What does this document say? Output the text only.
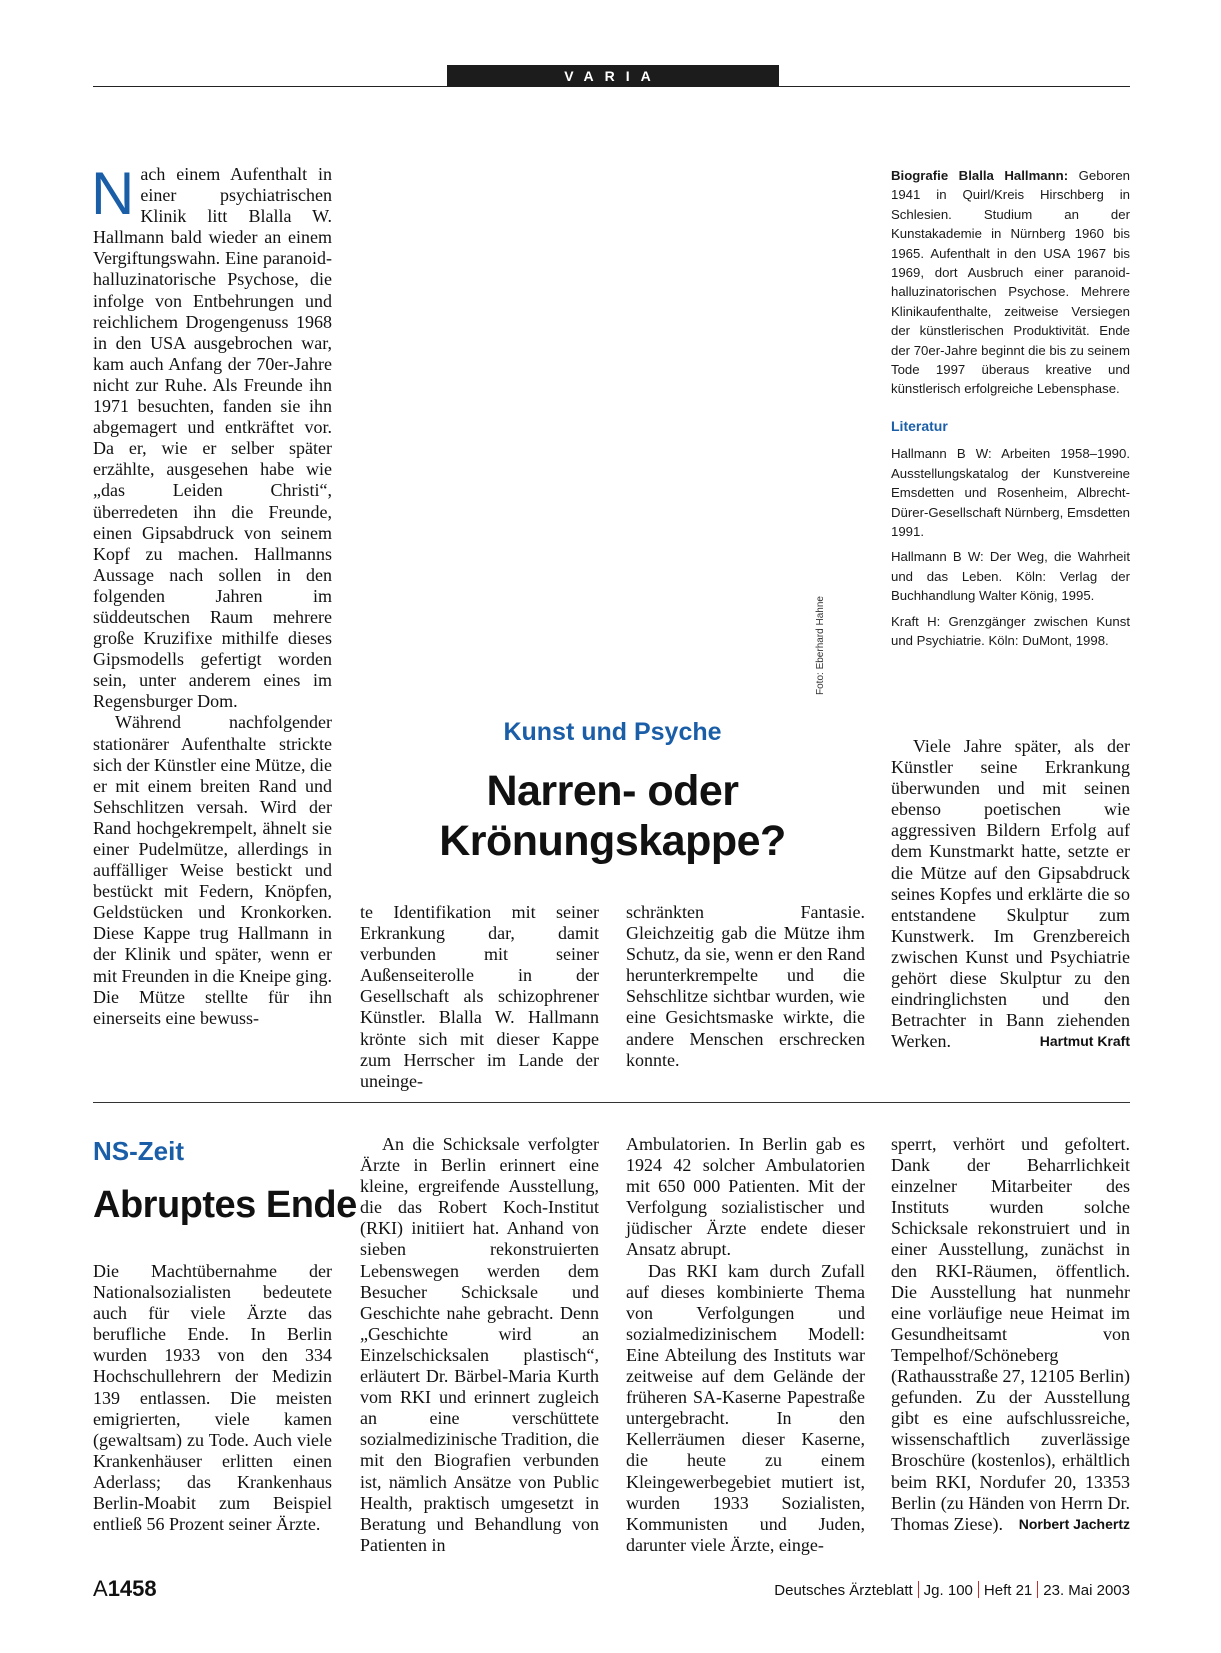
VARIA

Nach einem Aufenthalt in einer psychiatrischen Klinik litt Blalla W. Hallmann bald wieder an einem Vergiftungswahn. Eine paranoid-halluzinatorische Psychose, die infolge von Entbehrungen und reichlichem Drogengenuss 1968 in den USA ausgebrochen war, kam auch Anfang der 70er-Jahre nicht zur Ruhe. Als Freunde ihn 1971 besuchten, fanden sie ihn abgemagert und entkräftet vor. Da er, wie er selber später erzählte, ausgesehen habe wie „das Leiden Christi“, überredeten ihn die Freunde, einen Gipsabdruck von seinem Kopf zu machen. Hallmanns Aussage nach sollen in den folgenden Jahren im süddeutschen Raum mehrere große Kruzifixe mithilfe dieses Gipsmodells gefertigt worden sein, unter anderem eines im Regensburger Dom.

Während nachfolgender stationärer Aufenthalte strickte sich der Künstler eine Mütze, die er mit einem breiten Rand und Sehschlitzen versah. Wird der Rand hochgekrempelt, ähnelt sie einer Pudelmütze, allerdings in auffälliger Weise bestickt und bestückt mit Federn, Knöpfen, Geldstücken und Kronkorken. Diese Kappe trug Hallmann in der Klinik und später, wenn er mit Freunden in die Kneipe ging. Die Mütze stellte für ihn einerseits eine bewuss-

Biografie Blalla Hallmann: Geboren 1941 in Quirl/Kreis Hirschberg in Schlesien. Studium an der Kunstakademie in Nürnberg 1960 bis 1965. Aufenthalt in den USA 1967 bis 1969, dort Ausbruch einer paranoid-halluzinatorischen Psychose. Mehrere Klinikaufenthalte, zeitweise Versiegen der künstlerischen Produktivität. Ende der 70er-Jahre beginnt die bis zu seinem Tode 1997 überaus kreative und künstlerisch erfolgreiche Lebensphase.

Literatur

Hallmann B W: Arbeiten 1958–1990. Ausstellungskatalog der Kunstvereine Emsdetten und Rosenheim, Albrecht-Dürer-Gesellschaft Nürnberg, Emsdetten 1991.

Hallmann B W: Der Weg, die Wahrheit und das Leben. Köln: Verlag der Buchhandlung Walter König, 1995.

Kraft H: Grenzgänger zwischen Kunst und Psychiatrie. Köln: DuMont, 1998.

Foto: Eberhard Hahne
Kunst und Psyche
Narren- oder
Krönungskappe?
te Identifikation mit seiner Erkrankung dar, damit verbunden mit seiner Außenseiterolle in der Gesellschaft als schizophrener Künstler. Blalla W. Hallmann krönte sich mit dieser Kappe zum Herrscher im Lande der uneinge-
schränkten Fantasie. Gleichzeitig gab die Mütze ihm Schutz, da sie, wenn er den Rand herunterkrempelte und die Sehschlitze sichtbar wurden, wie eine Gesichtsmaske wirkte, die andere Menschen erschrecken konnte.

Viele Jahre später, als der Künstler seine Erkrankung überwunden und mit seinen ebenso poetischen wie aggressiven Bildern Erfolg auf dem Kunstmarkt hatte, setzte er die Mütze auf den Gipsabdruck seines Kopfes und erklärte die so entstandene Skulptur zum Kunstwerk. Im Grenzbereich zwischen Kunst und Psychiatrie gehört diese Skulptur zu den eindringlichsten und den Betrachter in Bann ziehenden Werken.	Hartmut Kraft

NS-Zeit
Abruptes Ende
Die Machtübernahme der Nationalsozialisten bedeutete auch für viele Ärzte das berufliche Ende. In Berlin wurden 1933 von den 334 Hochschullehrern der Medizin 139 entlassen. Die meisten emigrierten, viele kamen (gewaltsam) zu Tode. Auch viele Krankenhäuser erlitten einen Aderlass; das Krankenhaus Berlin-Moabit zum Beispiel entließ 56 Prozent seiner Ärzte.

An die Schicksale verfolgter Ärzte in Berlin erinnert eine kleine, ergreifende Ausstellung, die das Robert Koch-Institut (RKI) initiiert hat. Anhand von sieben rekonstruierten Lebenswegen werden dem Besucher Schicksale und Geschichte nahe gebracht. Denn „Geschichte wird an Einzelschicksalen plastisch“, erläutert Dr. Bärbel-Maria Kurth vom RKI und erinnert zugleich an eine verschüttete sozialmedizinische Tradition, die mit den Biografien verbunden ist, nämlich Ansätze von Public Health, praktisch umgesetzt in Beratung und Behandlung von Patienten in

Ambulatorien. In Berlin gab es 1924 42 solcher Ambulatorien mit 650 000 Patienten. Mit der Verfolgung sozialistischer und jüdischer Ärzte endete dieser Ansatz abrupt.

Das RKI kam durch Zufall auf dieses kombinierte Thema von Verfolgungen und sozialmedizinischem Modell: Eine Abteilung des Instituts war zeitweise auf dem Gelände der früheren SA-Kaserne Papestraße untergebracht. In den Kellerräumen dieser Kaserne, die heute zu einem Kleingewerbegebiet mutiert ist, wurden 1933 Sozialisten, Kommunisten und Juden, darunter viele Ärzte, einge-

sperrt, verhört und gefoltert. Dank der Beharrlichkeit einzelner Mitarbeiter des Instituts wurden solche Schicksale rekonstruiert und in einer Ausstellung, zunächst in den RKI-Räumen, öffentlich. Die Ausstellung hat nunmehr eine vorläufige neue Heimat im Gesundheitsamt von Tempelhof/Schöneberg (Rathausstraße 27, 12105 Berlin) gefunden. Zu der Ausstellung gibt es eine aufschlussreiche, wissenschaftlich zuverlässige Broschüre (kostenlos), erhältlich beim RKI, Nordufer 20, 13353 Berlin (zu Händen von Herrn Dr. Thomas Ziese). Norbert Jachertz

A1458	Deutsches Ärzteblatt Jg. 100 Heft 21 23. Mai 2003
